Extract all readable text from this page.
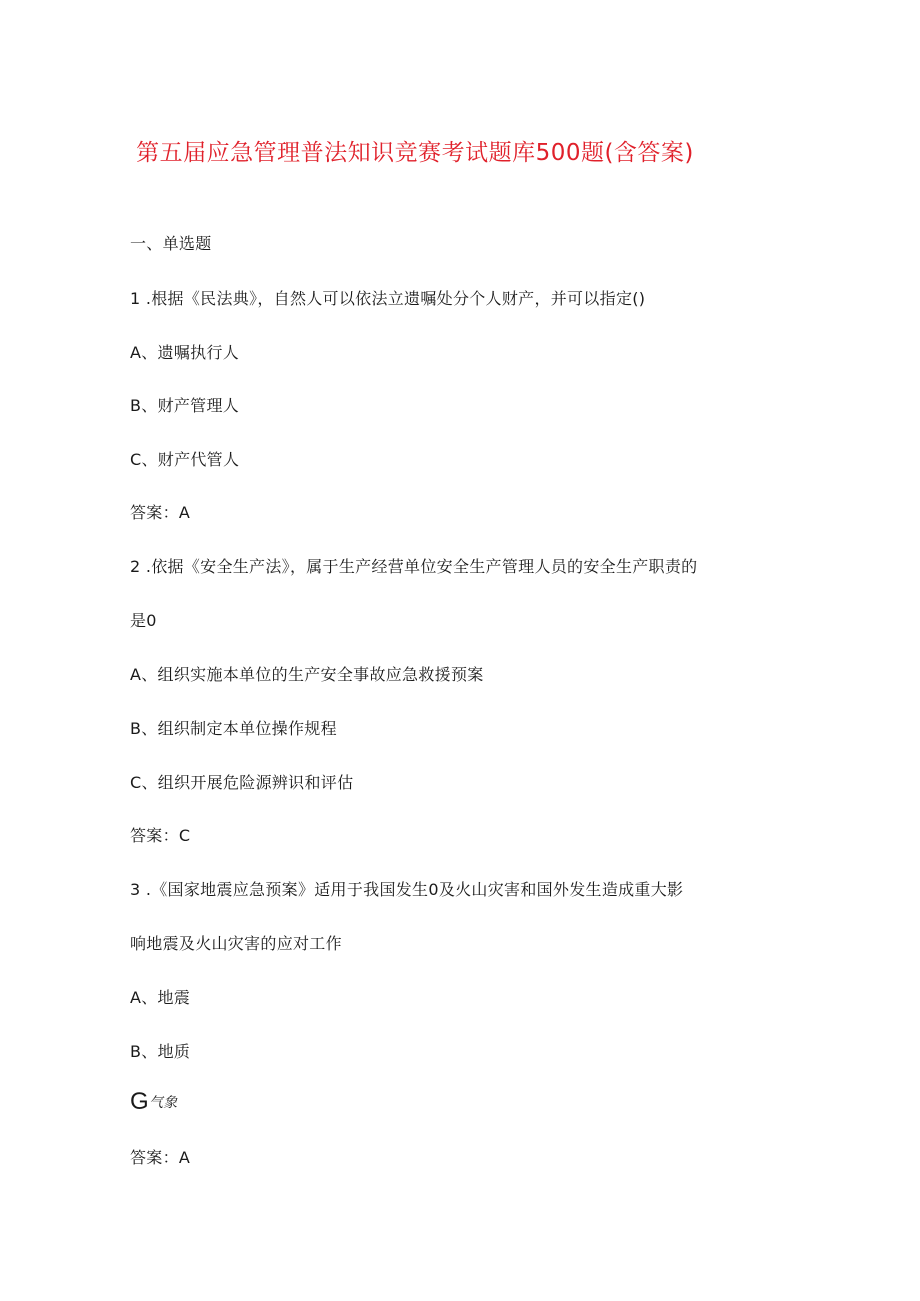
第五届应急管理普法知识竞赛考试题库500题(含答案)
一、单选题
1 .根据《民法典》，自然人可以依法立遗嘱处分个人财产，并可以指定()
A、遗嘱执行人
B、财产管理人
C、财产代管人
答案：A
2 .依据《安全生产法》，属于生产经营单位安全生产管理人员的安全生产职责的
是0
A、组织实施本单位的生产安全事故应急救援预案
B、组织制定本单位操作规程
C、组织开展危险源辨识和评估
答案：C
3 .《国家地震应急预案》适用于我国发生0及火山灾害和国外发生造成重大影
响地震及火山灾害的应对工作
A、地震
B、地质
G气象
答案：A
